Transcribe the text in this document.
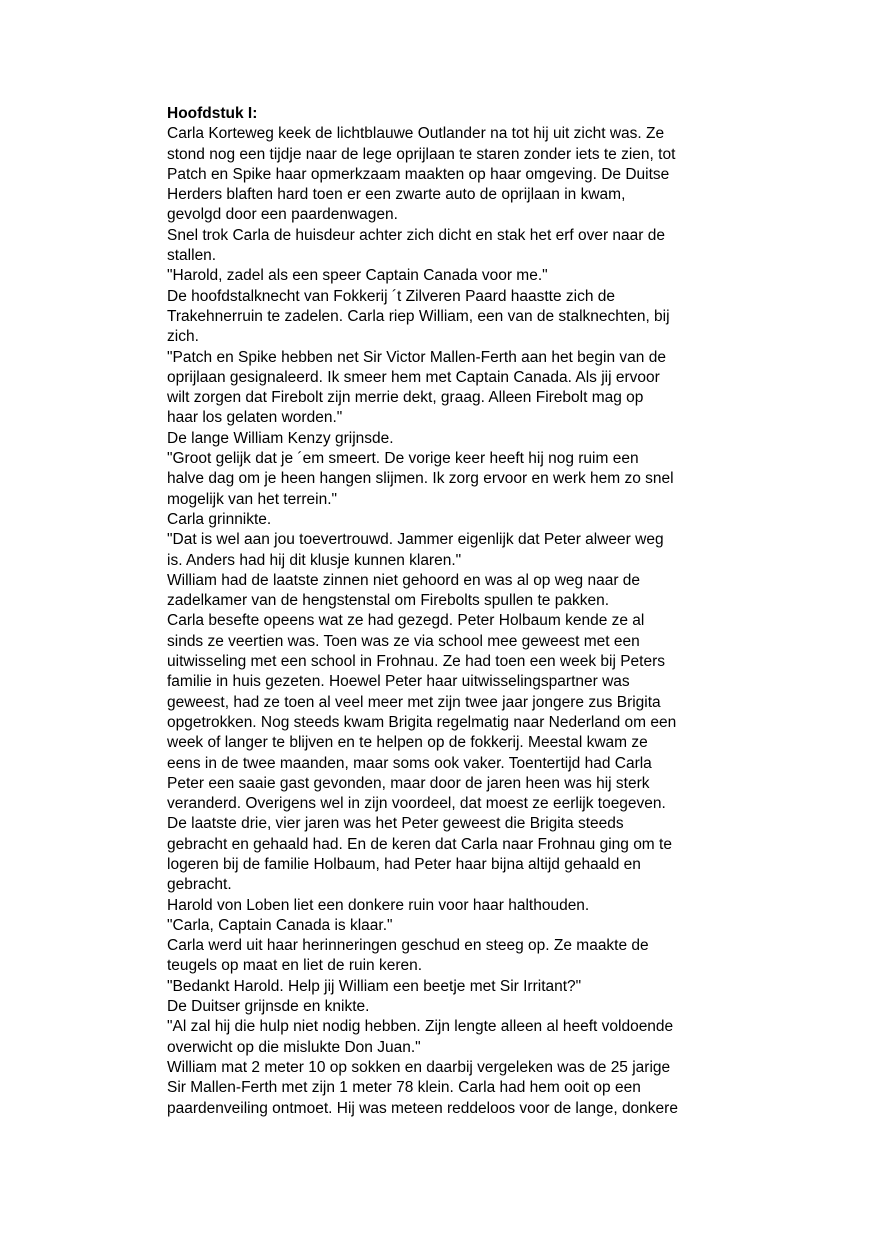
Hoofdstuk I:
Carla Korteweg keek de lichtblauwe Outlander na tot hij uit zicht was. Ze
stond nog een tijdje naar de lege oprijlaan te staren zonder iets te zien, tot
Patch en Spike haar opmerkzaam maakten op haar omgeving. De Duitse
Herders blaften hard toen er een zwarte auto de oprijlaan in kwam,
gevolgd door een paardenwagen.
Snel trok Carla de huisdeur achter zich dicht en stak het erf over naar de
stallen.
"Harold, zadel als een speer Captain Canada voor me."
De hoofdstalknecht van Fokkerij ´t Zilveren Paard haastte zich de
Trakehnerruin te zadelen. Carla riep William, een van de stalknechten, bij
zich.
"Patch en Spike hebben net Sir Victor Mallen-Ferth aan het begin van de
oprijlaan gesignaleerd. Ik smeer hem met Captain Canada. Als jij ervoor
wilt zorgen dat Firebolt zijn merrie dekt, graag. Alleen Firebolt mag op
haar los gelaten worden."
De lange William Kenzy grijnsde.
"Groot gelijk dat je ´em smeert. De vorige keer heeft hij nog ruim een
halve dag om je heen hangen slijmen. Ik zorg ervoor en werk hem zo snel
mogelijk van het terrein."
Carla grinnikte.
"Dat is wel aan jou toevertrouwd. Jammer eigenlijk dat Peter alweer weg
is. Anders had hij dit klusje kunnen klaren."
William had de laatste zinnen niet gehoord en was al op weg naar de
zadelkamer van de hengstenstal om Firebolts spullen te pakken.
Carla besefte opeens wat ze had gezegd. Peter Holbaum kende ze al
sinds ze veertien was. Toen was ze via school mee geweest met een
uitwisseling met een school in Frohnau. Ze had toen een week bij Peters
familie in huis gezeten. Hoewel Peter haar uitwisselingspartner was
geweest, had ze toen al veel meer met zijn twee jaar jongere zus Brigita
opgetrokken. Nog steeds kwam Brigita regelmatig naar Nederland om een
week of langer te blijven en te helpen op de fokkerij. Meestal kwam ze
eens in de twee maanden, maar soms ook vaker. Toentertijd had Carla
Peter een saaie gast gevonden, maar door de jaren heen was hij sterk
veranderd. Overigens wel in zijn voordeel, dat moest ze eerlijk toegeven.
De laatste drie, vier jaren was het Peter geweest die Brigita steeds
gebracht en gehaald had. En de keren dat Carla naar Frohnau ging om te
logeren bij de familie Holbaum, had Peter haar bijna altijd gehaald en
gebracht.
Harold von Loben liet een donkere ruin voor haar halthouden.
"Carla, Captain Canada is klaar."
Carla werd uit haar herinneringen geschud en steeg op. Ze maakte de
teugels op maat en liet de ruin keren.
"Bedankt Harold. Help jij William een beetje met Sir Irritant?"
De Duitser grijnsde en knikte.
"Al zal hij die hulp niet nodig hebben. Zijn lengte alleen al heeft voldoende
overwicht op die mislukte Don Juan."
William mat 2 meter 10 op sokken en daarbij vergeleken was de 25 jarige
Sir Mallen-Ferth met zijn 1 meter 78 klein. Carla had hem ooit op een
paardenveiling ontmoet. Hij was meteen reddeloos voor de lange, donkere
